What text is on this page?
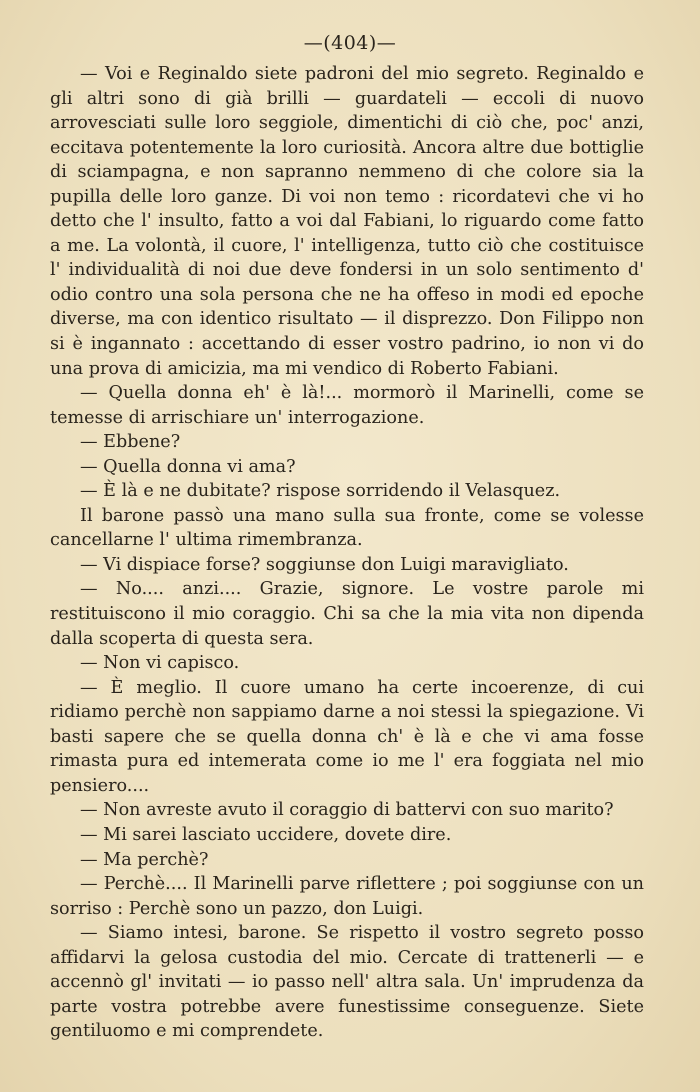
—(404)—

— Voi e Reginaldo siete padroni del mio segreto. Reginaldo e gli altri sono di già brilli — guardateli — eccoli di nuovo arrovesciati sulle loro seggiole, dimentichi di ciò che, poc' anzi, eccitava potentemente la loro curiosità. Ancora altre due bottiglie di sciampagna, e non sapranno nemmeno di che colore sia la pupilla delle loro ganze. Di voi non temo : ricordatevi che vi ho detto che l' insulto, fatto a voi dal Fabiani, lo riguardo come fatto a me. La volontà, il cuore, l' intelligenza, tutto ciò che costituisce l' individualità di noi due deve fondersi in un solo sentimento d' odio contro una sola persona che ne ha offeso in modi ed epoche diverse, ma con identico risultato — il disprezzo. Don Filippo non si è ingannato : accettando di esser vostro padrino, io non vi do una prova di amicizia, ma mi vendico di Roberto Fabiani.

— Quella donna eh' è là!... mormorò il Marinelli, come se temesse di arrischiare un' interrogazione.

— Ebbene?

— Quella donna vi ama?

— È là e ne dubitate? rispose sorridendo il Velasquez.

Il barone passò una mano sulla sua fronte, come se volesse cancellarne l' ultima rimembranza.

— Vi dispiace forse? soggiunse don Luigi maravigliato.

— No.... anzi.... Grazie, signore. Le vostre parole mi restituiscono il mio coraggio. Chi sa che la mia vita non dipenda dalla scoperta di questa sera.

— Non vi capisco.

— È meglio. Il cuore umano ha certe incoerenze, di cui ridiamo perchè non sappiamo darne a noi stessi la spiegazione. Vi basti sapere che se quella donna ch' è là e che vi ama fosse rimasta pura ed intemerata come io me l' era foggiata nel mio pensiero....

— Non avreste avuto il coraggio di battervi con suo marito?

— Mi sarei lasciato uccidere, dovete dire.

— Ma perchè?

— Perchè.... Il Marinelli parve riflettere ; poi soggiunse con un sorriso : Perchè sono un pazzo, don Luigi.

— Siamo intesi, barone. Se rispetto il vostro segreto posso affidarvi la gelosa custodia del mio. Cercate di trattenerli — e accennò gl' invitati — io passo nell' altra sala. Un' imprudenza da parte vostra potrebbe avere funestissime conseguenze. Siete gentiluomo e mi comprendete.
